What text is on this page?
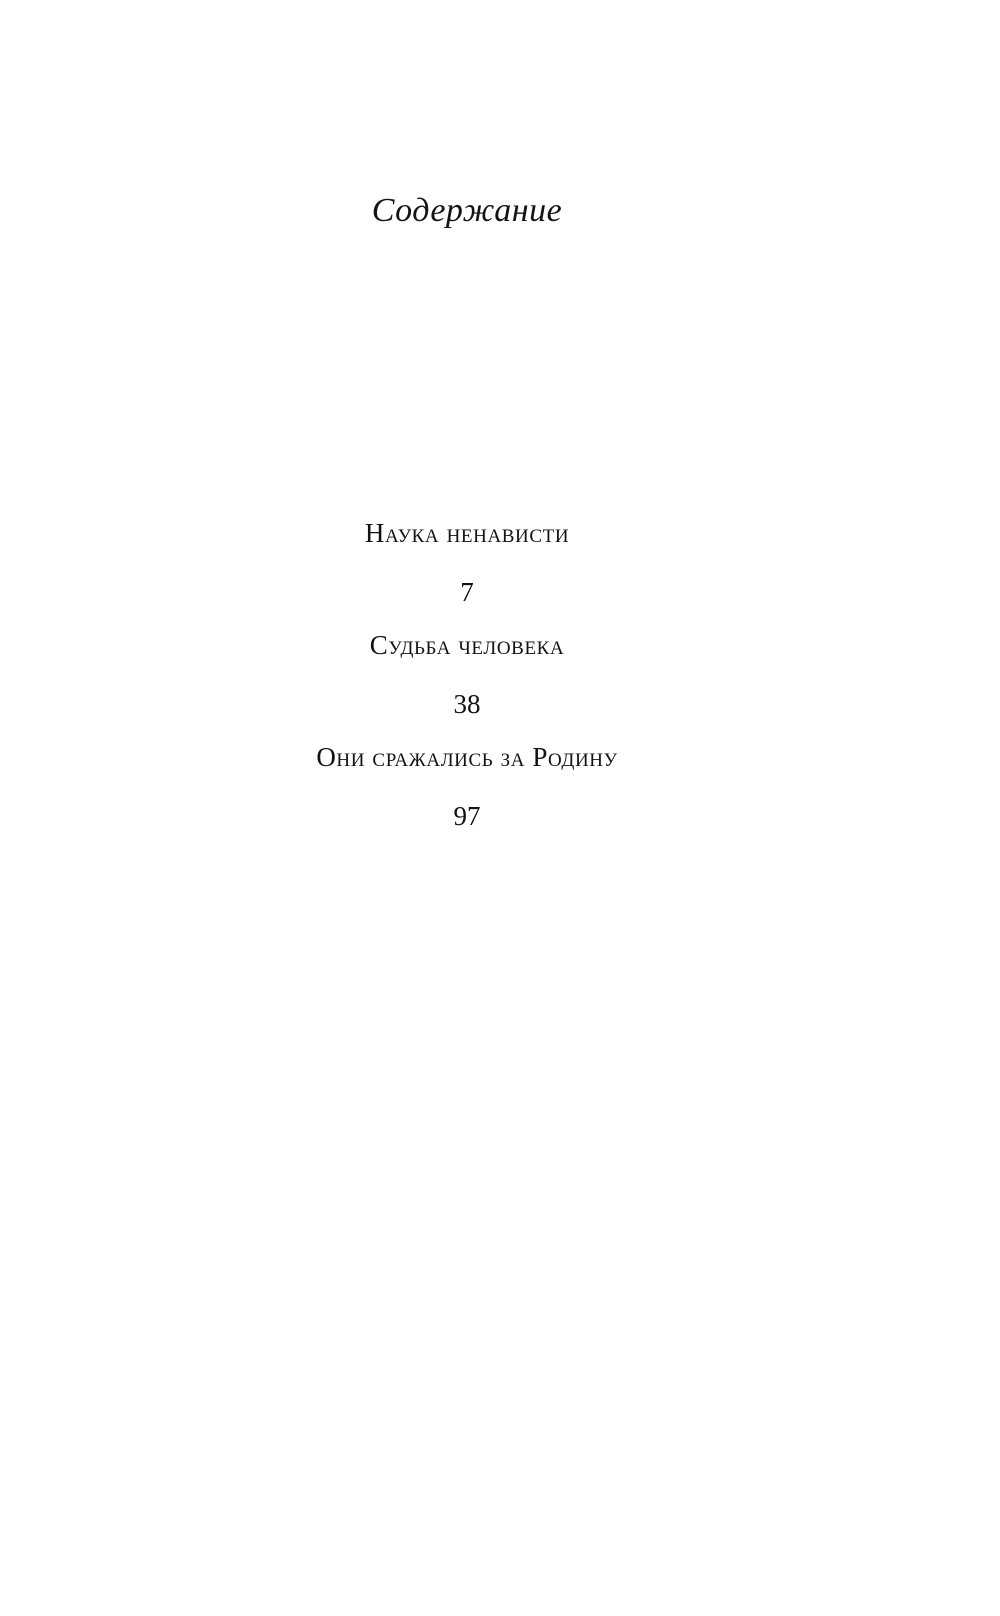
Содержание
Наука ненависти
7
Судьба человека
38
Они сражались за Родину
97
